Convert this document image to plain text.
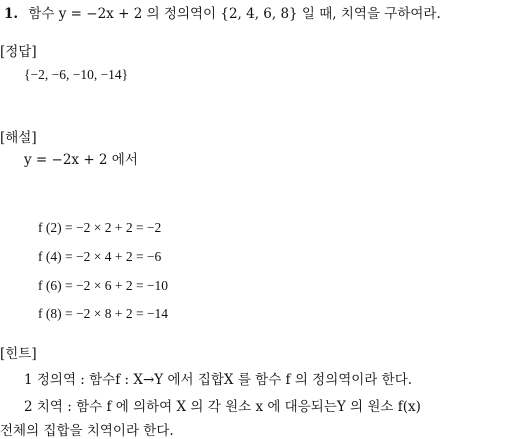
1. 함수 y = −2x + 2 의 정의역이 {2, 4, 6, 8} 일 때, 치역을 구하여라.
[정답]
{−2, −6, −10, −14}
[해설]
y = −2x + 2 에서
f (2) = −2 × 2 + 2 = −2
f (4) = −2 × 4 + 2 = −6
f (6) = −2 × 6 + 2 = −10
f (8) = −2 × 8 + 2 = −14
[힌트]
1 정의역 : 함수f : X→Y 에서 집합X 를 함수 f 의 정의역이라 한다.
2 치역 : 함수 f 에 의하여 X 의 각 원소 x 에 대응되는Y 의 원소 f(x)
전체의 집합을 치역이라 한다.
